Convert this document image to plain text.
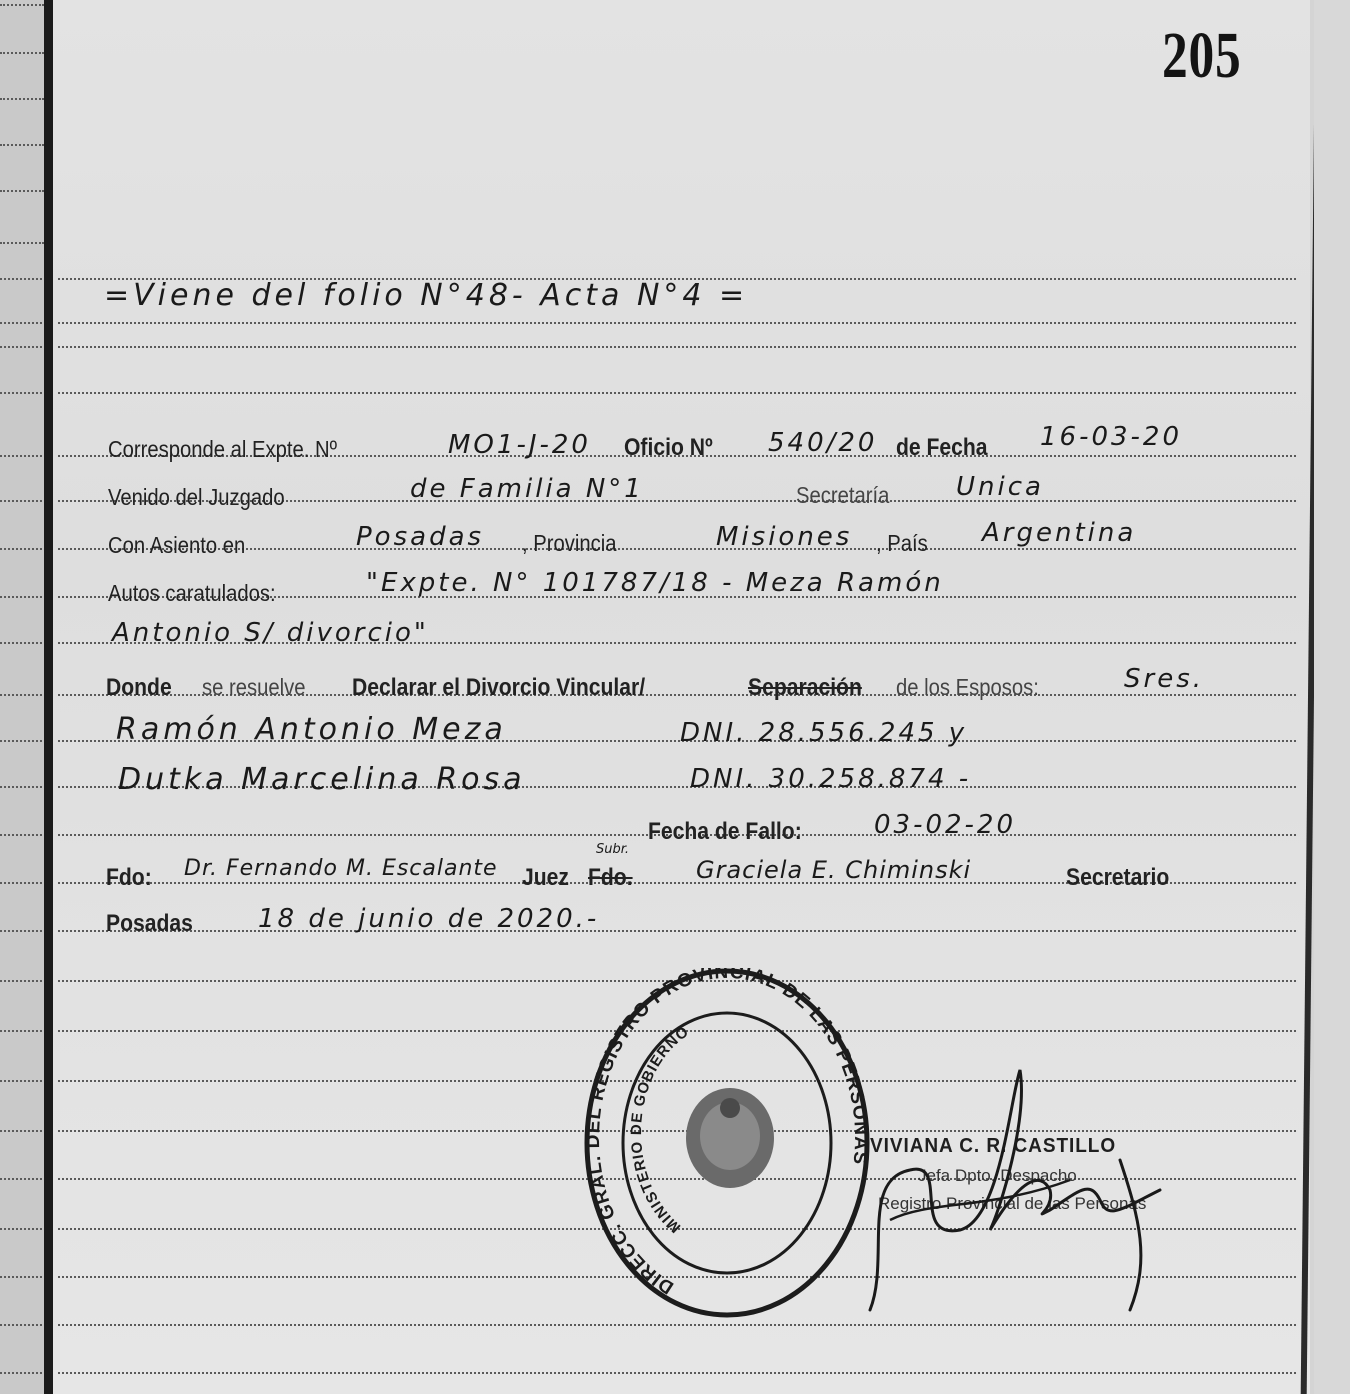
205
=Viene del folio N°48- Acta N°4 =
Corresponde al Expte. Nº	MO1-J-20 Oficio Nº 540/20 de Fecha 16-03-20
Venido del Juzgado	de Familia N°1	Secretaría	Unica
Con Asiento en	Posadas , Provincia	Misiones , País Argentina
Autos caratulados:	"Expte. N° 101787/18 - Meza Ramón
Antonio S/ divorcio"
Donde se resuelve Declarar el Divorcio Vincular/	Separación de los Esposos:	Sres.
Ramón Antonio Meza	DNI. 28.556.245 y
Dutka Marcelina Rosa	DNI. 30.258.874 -
Fecha de Fallo:	03-02-20
Fdo: Dr. Fernando M. Escalante Juez Fdo.
Subr.
Graciela E. Chiminski	Secretario
Posadas	18 de junio de 2020.-
DIRECC. GRAL. DEL REGISTRO PROVINCIAL DE LAS PERSONAS
MINISTERIO DE GOBIERNO
VIVIANA C. R. CASTILLO
Jefa Dpto. Despacho
Registro Provincial de las Personas
